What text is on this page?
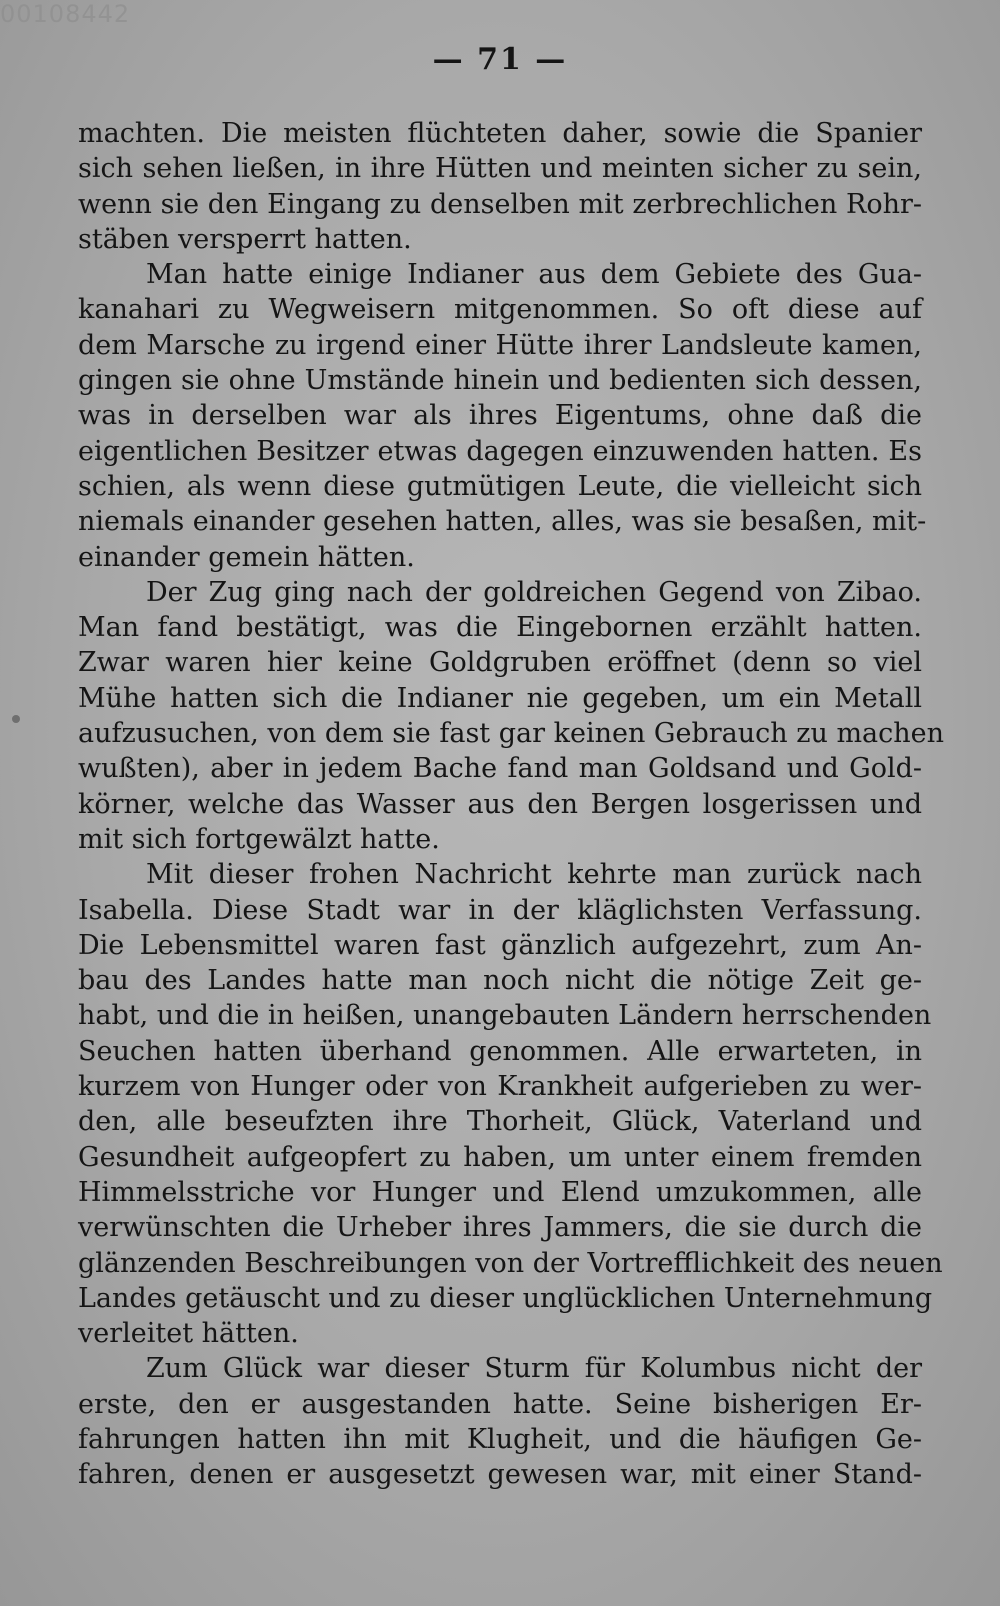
00108442
— 71 —
machten. Die meisten flüchteten daher, sowie die Spanier
sich sehen ließen, in ihre Hütten und meinten sicher zu sein,
wenn sie den Eingang zu denselben mit zerbrechlichen Rohr-
stäben versperrt hatten.
Man hatte einige Indianer aus dem Gebiete des Gua-
kanahari zu Wegweisern mitgenommen. So oft diese auf
dem Marsche zu irgend einer Hütte ihrer Landsleute kamen,
gingen sie ohne Umstände hinein und bedienten sich dessen,
was in derselben war als ihres Eigentums, ohne daß die
eigentlichen Besitzer etwas dagegen einzuwenden hatten. Es
schien, als wenn diese gutmütigen Leute, die vielleicht sich
niemals einander gesehen hatten, alles, was sie besaßen, mit-
einander gemein hätten.
Der Zug ging nach der goldreichen Gegend von Zibao.
Man fand bestätigt, was die Eingebornen erzählt hatten.
Zwar waren hier keine Goldgruben eröffnet (denn so viel
Mühe hatten sich die Indianer nie gegeben, um ein Metall
aufzusuchen, von dem sie fast gar keinen Gebrauch zu machen
wußten), aber in jedem Bache fand man Goldsand und Gold-
körner, welche das Wasser aus den Bergen losgerissen und
mit sich fortgewälzt hatte.
Mit dieser frohen Nachricht kehrte man zurück nach
Isabella. Diese Stadt war in der kläglichsten Verfassung.
Die Lebensmittel waren fast gänzlich aufgezehrt, zum An-
bau des Landes hatte man noch nicht die nötige Zeit ge-
habt, und die in heißen, unangebauten Ländern herrschenden
Seuchen hatten überhand genommen. Alle erwarteten, in
kurzem von Hunger oder von Krankheit aufgerieben zu wer-
den, alle beseufzten ihre Thorheit, Glück, Vaterland und
Gesundheit aufgeopfert zu haben, um unter einem fremden
Himmelsstriche vor Hunger und Elend umzukommen, alle
verwünschten die Urheber ihres Jammers, die sie durch die
glänzenden Beschreibungen von der Vortrefflichkeit des neuen
Landes getäuscht und zu dieser unglücklichen Unternehmung
verleitet hätten.
Zum Glück war dieser Sturm für Kolumbus nicht der
erste, den er ausgestanden hatte. Seine bisherigen Er-
fahrungen hatten ihn mit Klugheit, und die häufigen Ge-
fahren, denen er ausgesetzt gewesen war, mit einer Stand-
